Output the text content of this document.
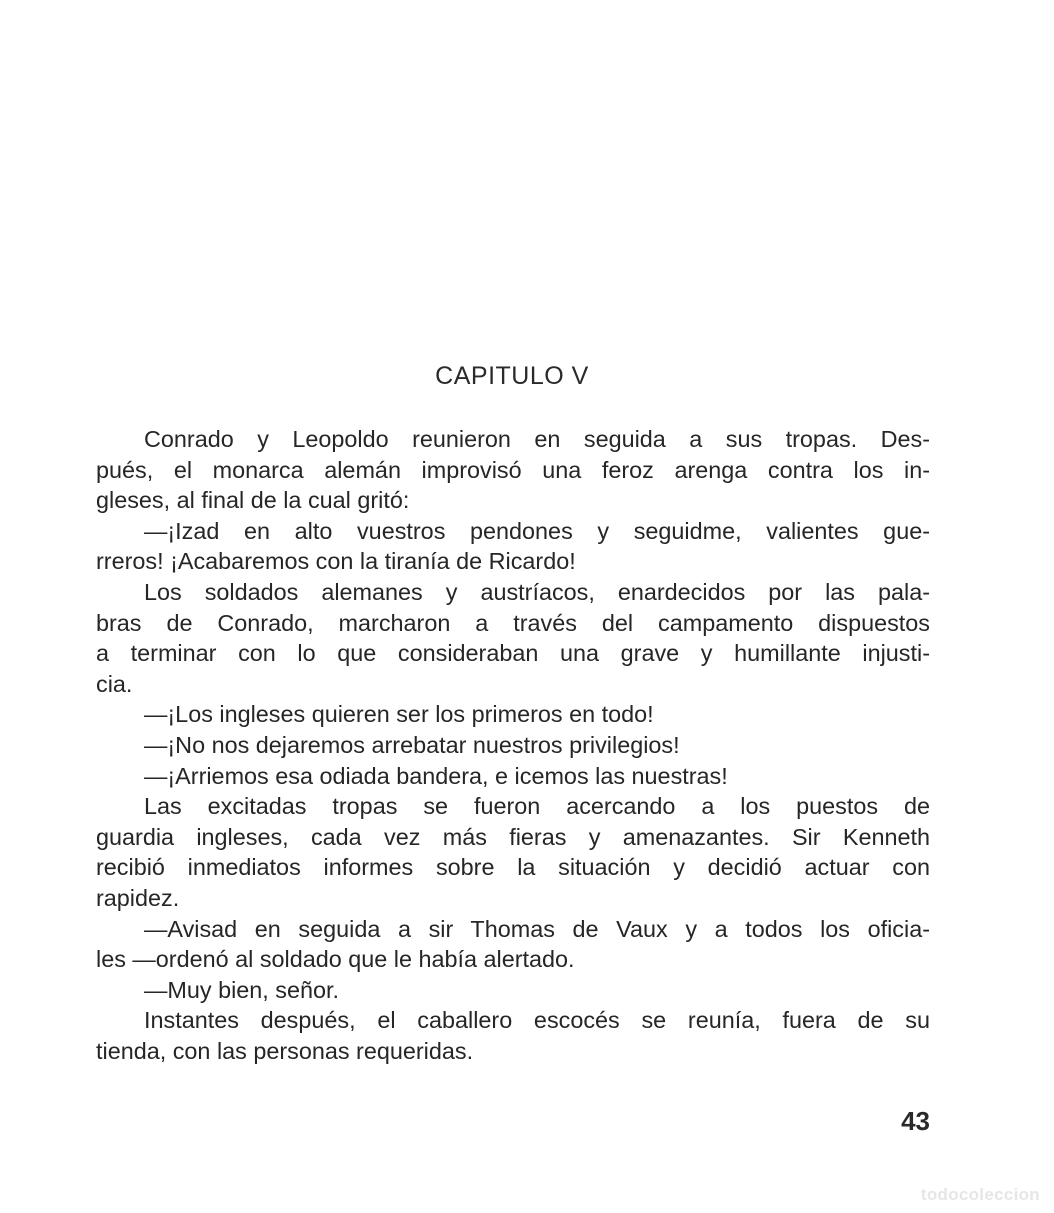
CAPITULO V
Conrado y Leopoldo reunieron en seguida a sus tropas. Des-
pués, el monarca alemán improvisó una feroz arenga contra los in-
gleses, al final de la cual gritó:
—¡Izad en alto vuestros pendones y seguidme, valientes gue-
rreros! ¡Acabaremos con la tiranía de Ricardo!
Los soldados alemanes y austríacos, enardecidos por las pala-
bras de Conrado, marcharon a través del campamento dispuestos
a terminar con lo que consideraban una grave y humillante injusti-
cia.
—¡Los ingleses quieren ser los primeros en todo!
—¡No nos dejaremos arrebatar nuestros privilegios!
—¡Arriemos esa odiada bandera, e icemos las nuestras!
Las excitadas tropas se fueron acercando a los puestos de
guardia ingleses, cada vez más fieras y amenazantes. Sir Kenneth
recibió inmediatos informes sobre la situación y decidió actuar con
rapidez.
—Avisad en seguida a sir Thomas de Vaux y a todos los oficia-
les —ordenó al soldado que le había alertado.
—Muy bien, señor.
Instantes después, el caballero escocés se reunía, fuera de su
tienda, con las personas requeridas.
43
todocoleccion
